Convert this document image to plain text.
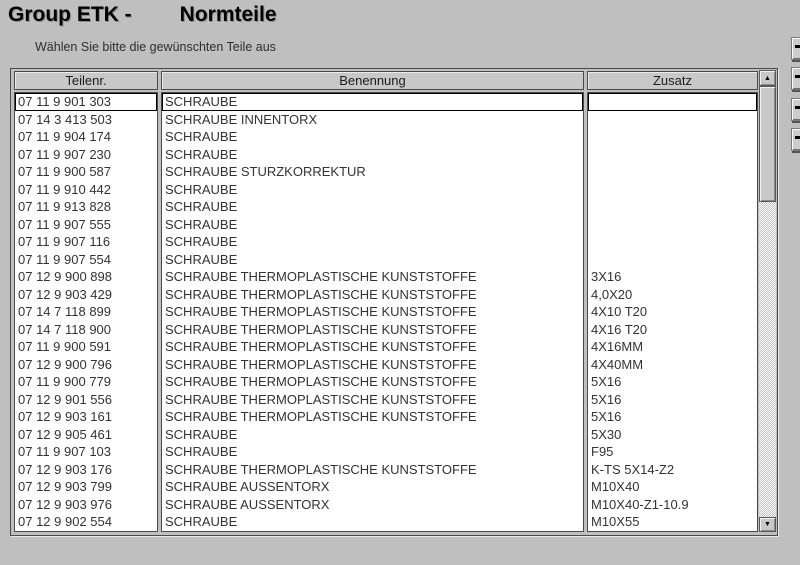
Group ETK - Normteile
Wählen Sie bitte die gewünschten Teile aus
Teilenr.	Benennung	Zusatz
07 11 9 901 303
07 14 3 413 503
07 11 9 904 174
07 11 9 907 230
07 11 9 900 587
07 11 9 910 442
07 11 9 913 828
07 11 9 907 555
07 11 9 907 116
07 11 9 907 554
07 12 9 900 898
07 12 9 903 429
07 14 7 118 899
07 14 7 118 900
07 11 9 900 591
07 12 9 900 796
07 11 9 900 779
07 12 9 901 556
07 12 9 903 161
07 12 9 905 461
07 11 9 907 103
07 12 9 903 176
07 12 9 903 799
07 12 9 903 976
07 12 9 902 554
SCHRAUBE
SCHRAUBE INNENTORX
SCHRAUBE
SCHRAUBE
SCHRAUBE STURZKORREKTUR
SCHRAUBE
SCHRAUBE
SCHRAUBE
SCHRAUBE
SCHRAUBE
SCHRAUBE THERMOPLASTISCHE KUNSTSTOFFE
SCHRAUBE THERMOPLASTISCHE KUNSTSTOFFE
SCHRAUBE THERMOPLASTISCHE KUNSTSTOFFE
SCHRAUBE THERMOPLASTISCHE KUNSTSTOFFE
SCHRAUBE THERMOPLASTISCHE KUNSTSTOFFE
SCHRAUBE THERMOPLASTISCHE KUNSTSTOFFE
SCHRAUBE THERMOPLASTISCHE KUNSTSTOFFE
SCHRAUBE THERMOPLASTISCHE KUNSTSTOFFE
SCHRAUBE THERMOPLASTISCHE KUNSTSTOFFE
SCHRAUBE
SCHRAUBE
SCHRAUBE THERMOPLASTISCHE KUNSTSTOFFE
SCHRAUBE AUSSENTORX
SCHRAUBE AUSSENTORX
SCHRAUBE
3X16
4,0X20
4X10 T20
4X16 T20
4X16MM
4X40MM
5X16
5X16
5X16
5X30
F95
K-TS 5X14-Z2
M10X40
M10X40-Z1-10.9
M10X55
▲
▼
